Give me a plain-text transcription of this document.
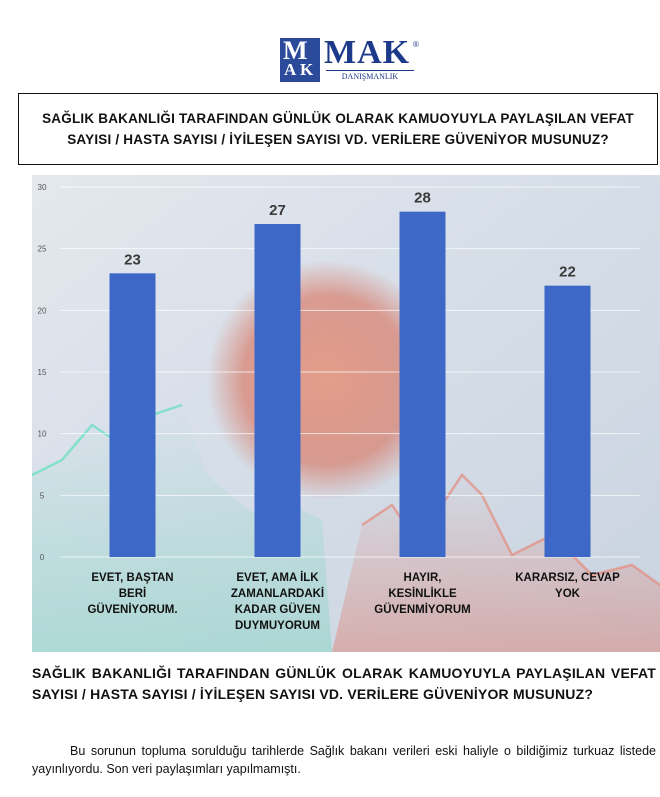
M
A K MAK ®
DANIŞMANLIK
SAĞLIK BAKANLIĞI TARAFINDAN GÜNLÜK OLARAK KAMUOYUYLA PAYLAŞILAN VEFAT SAYISI / HASTA SAYISI / İYİLEŞEN SAYISI VD. VERİLERE GÜVENİYOR MUSUNUZ?
0
5
10
15
20
25
30
23
27
28
22
EVET, BAŞTAN BERİ GÜVENİYORUM.
EVET, AMA İLK ZAMANLARDAKİ KADAR GÜVEN DUYMUYORUM
HAYIR, KESİNLİKLE GÜVENMİYORUM
KARARSIZ, CEVAP YOK
SAĞLIK BAKANLIĞI TARAFINDAN GÜNLÜK OLARAK KAMUOYUYLA PAYLAŞILAN VEFAT SAYISI / HASTA SAYISI / İYİLEŞEN SAYISI VD. VERİLERE GÜVENİYOR MUSUNUZ?
Bu sorunun topluma sorulduğu tarihlerde Sağlık bakanı verileri eski haliyle o bildiğimiz turkuaz listede yayınlıyordu. Son veri paylaşımları yapılmamıştı.
